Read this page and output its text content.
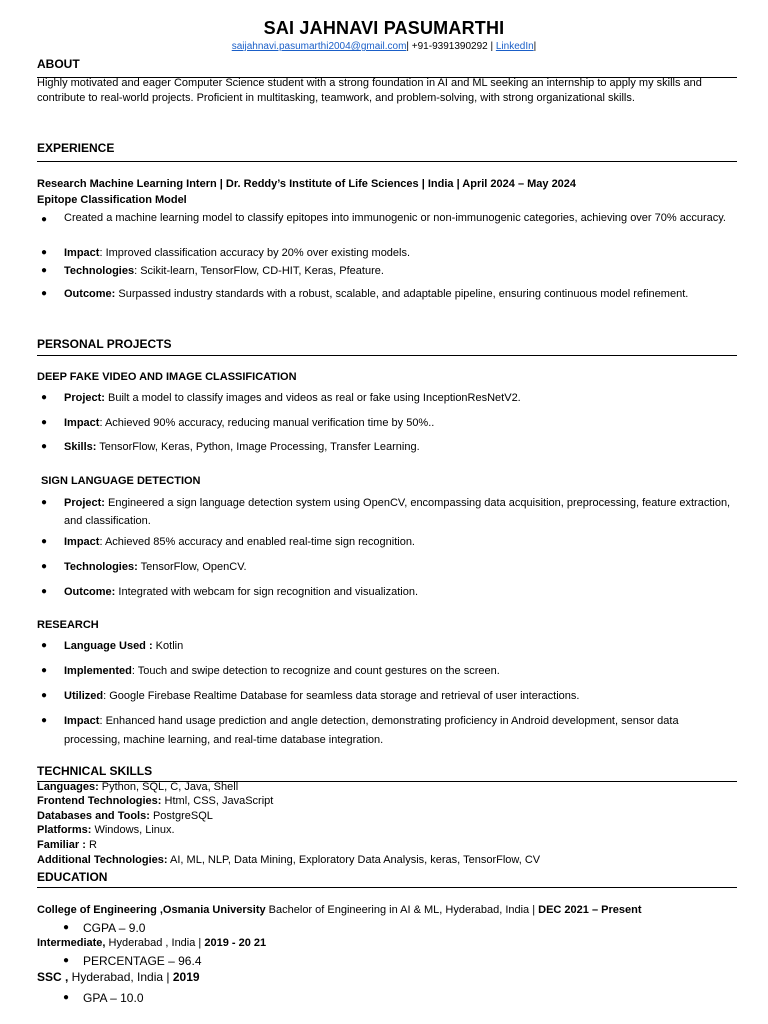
SAI JAHNAVI PASUMARTHI
saijahnavi.pasumarthi2004@gmail.com| +91-9391390292 | LinkedIn|
ABOUT
Highly motivated and eager Computer Science student with a strong foundation in AI and ML seeking an internship to apply my skills and contribute to real-world projects. Proficient in multitasking, teamwork, and problem-solving, with strong organizational skills.
EXPERIENCE
Research Machine Learning Intern | Dr. Reddy’s Institute of Life Sciences | India | April 2024 – May 2024
Epitope Classification Model
● Created a machine learning model to classify epitopes into immunogenic or non-immunogenic categories, achieving over 70% accuracy.
● Impact: Improved classification accuracy by 20% over existing models.
● Technologies: Scikit-learn, TensorFlow, CD-HIT, Keras, Pfeature.
● Outcome: Surpassed industry standards with a robust, scalable, and adaptable pipeline, ensuring continuous model refinement.
PERSONAL PROJECTS
DEEP FAKE VIDEO AND IMAGE CLASSIFICATION
● Project: Built a model to classify images and videos as real or fake using InceptionResNetV2.
● Impact: Achieved 90% accuracy, reducing manual verification time by 50%..
● Skills: TensorFlow, Keras, Python, Image Processing, Transfer Learning.
SIGN LANGUAGE DETECTION
● Project: Engineered a sign language detection system using OpenCV, encompassing data acquisition, preprocessing, feature extraction, and classification.
● Impact: Achieved 85% accuracy and enabled real-time sign recognition.
● Technologies: TensorFlow, OpenCV.
● Outcome: Integrated with webcam for sign recognition and visualization.
RESEARCH
● Language Used : Kotlin
● Implemented: Touch and swipe detection to recognize and count gestures on the screen.
● Utilized: Google Firebase Realtime Database for seamless data storage and retrieval of user interactions.
● Impact: Enhanced hand usage prediction and angle detection, demonstrating proficiency in Android development, sensor data processing, machine learning, and real-time database integration.
TECHNICAL SKILLS
Languages: Python, SQL, C, Java, Shell
Frontend Technologies: Html, CSS, JavaScript
Databases and Tools: PostgreSQL
Platforms: Windows, Linux.
Familiar : R
Additional Technologies: AI, ML, NLP, Data Mining, Exploratory Data Analysis, keras, TensorFlow, CV
EDUCATION
College of Engineering ,Osmania University Bachelor of Engineering in AI & ML, Hyderabad, India | DEC 2021 – Present
● CGPA – 9.0
Intermediate, Hyderabad , India | 2019 - 20 21
● PERCENTAGE – 96.4
SSC , Hyderabad, India | 2019
● GPA – 10.0
